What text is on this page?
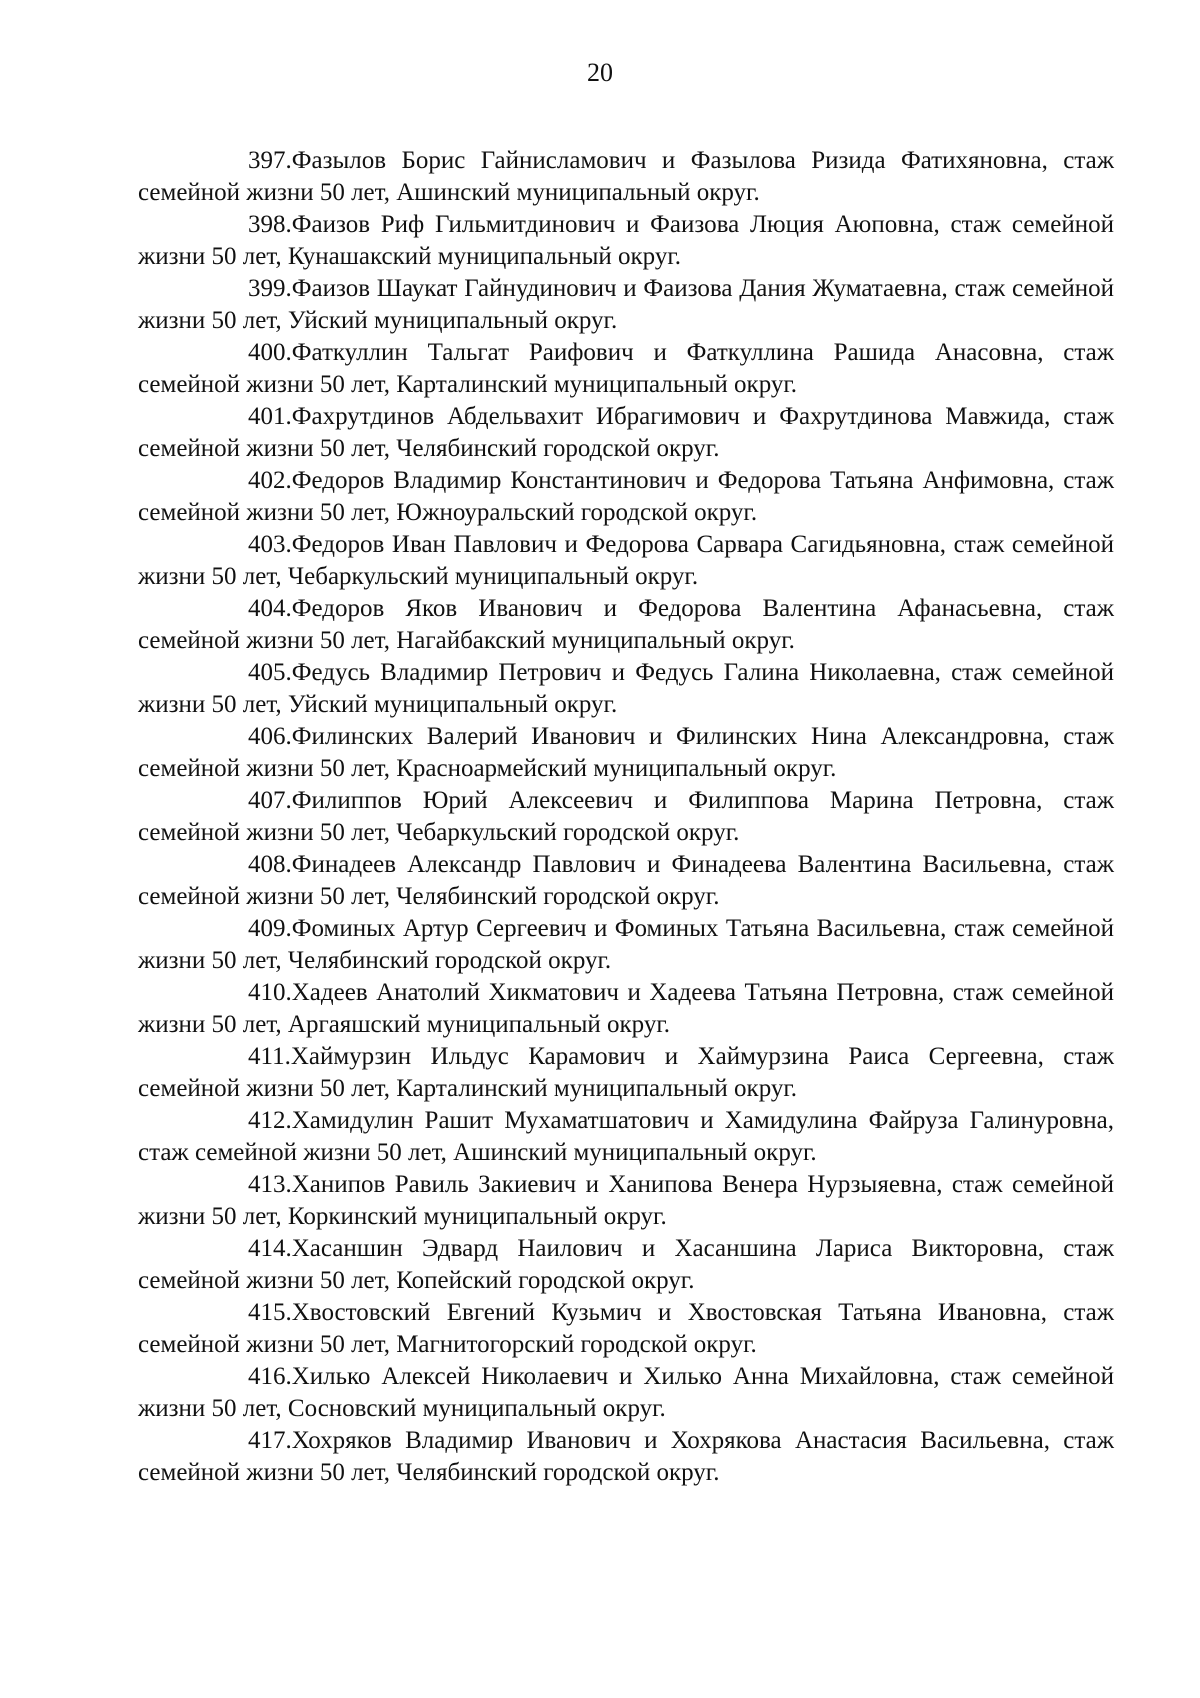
20

397.Фазылов Борис Гайнисламович и Фазылова Ризида Фатихяновна, стаж семейной жизни 50 лет, Ашинский муниципальный округ.

398.Фаизов Риф Гильмитдинович и Фаизова Люция Аюповна, стаж семейной жизни 50 лет, Кунашакский муниципальный округ.

399.Фаизов Шаукат Гайнудинович и Фаизова Дания Жуматаевна, стаж семейной жизни 50 лет, Уйский муниципальный округ.

400.Фаткуллин Тальгат Раифович и Фаткуллина Рашида Анасовна, стаж семейной жизни 50 лет, Карталинский муниципальный округ.

401.Фахрутдинов Абдельвахит Ибрагимович и Фахрутдинова Мавжида, стаж семейной жизни 50 лет, Челябинский городской округ.

402.Федоров Владимир Константинович и Федорова Татьяна Анфимовна, стаж семейной жизни 50 лет, Южноуральский городской округ.

403.Федоров Иван Павлович и Федорова Сарвара Сагидьяновна, стаж семейной жизни 50 лет, Чебаркульский муниципальный округ.

404.Федоров Яков Иванович и Федорова Валентина Афанасьевна, стаж семейной жизни 50 лет, Нагайбакский муниципальный округ.

405.Федусь Владимир Петрович и Федусь Галина Николаевна, стаж семейной жизни 50 лет, Уйский муниципальный округ.

406.Филинских Валерий Иванович и Филинских Нина Александровна, стаж семейной жизни 50 лет, Красноармейский муниципальный округ.

407.Филиппов Юрий Алексеевич и Филиппова Марина Петровна, стаж семейной жизни 50 лет, Чебаркульский городской округ.

408.Финадеев Александр Павлович и Финадеева Валентина Васильевна, стаж семейной жизни 50 лет, Челябинский городской округ.

409.Фоминых Артур Сергеевич и Фоминых Татьяна Васильевна, стаж семейной жизни 50 лет, Челябинский городской округ.

410.Хадеев Анатолий Хикматович и Хадеева Татьяна Петровна, стаж семейной жизни 50 лет, Аргаяшский муниципальный округ.

411.Хаймурзин Ильдус Карамович и Хаймурзина Раиса Сергеевна, стаж семейной жизни 50 лет, Карталинский муниципальный округ.

412.Хамидулин Рашит Мухаматшатович и Хамидулина Файруза Галинуровна, стаж семейной жизни 50 лет, Ашинский муниципальный округ.

413.Ханипов Равиль Закиевич и Ханипова Венера Нурзыяевна, стаж семейной жизни 50 лет, Коркинский муниципальный округ.

414.Хасаншин Эдвард Наилович и Хасаншина Лариса Викторовна, стаж семейной жизни 50 лет, Копейский городской округ.

415.Хвостовский Евгений Кузьмич и Хвостовская Татьяна Ивановна, стаж семейной жизни 50 лет, Магнитогорский городской округ.

416.Хилько Алексей Николаевич и Хилько Анна Михайловна, стаж семейной жизни 50 лет, Сосновский муниципальный округ.

417.Хохряков Владимир Иванович и Хохрякова Анастасия Васильевна, стаж семейной жизни 50 лет, Челябинский городской округ.
